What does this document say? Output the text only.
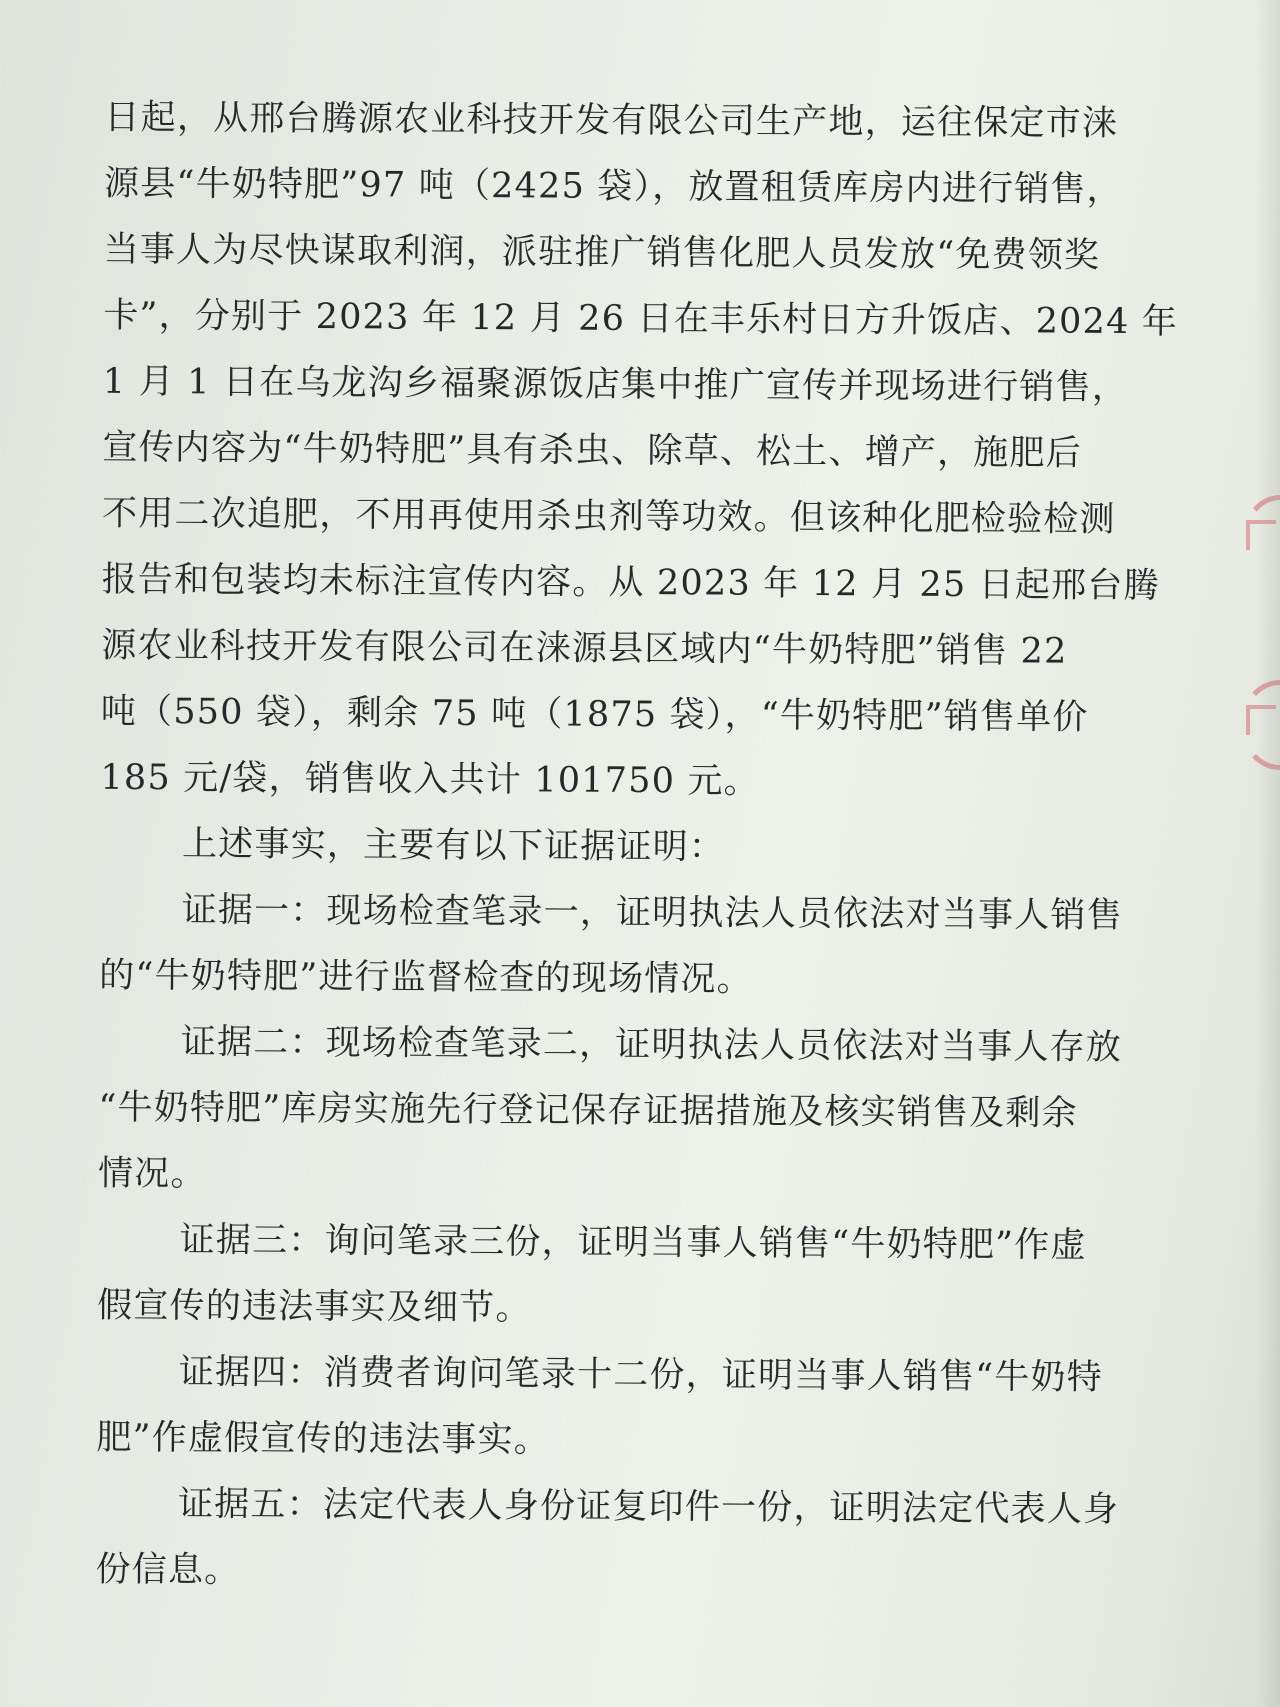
日起，从邢台腾源农业科技开发有限公司生产地，运往保定市涞
源县“牛奶特肥”97 吨（2425 袋），放置租赁库房内进行销售，
当事人为尽快谋取利润，派驻推广销售化肥人员发放“免费领奖
卡”，分别于 2023 年 12 月 26 日在丰乐村日方升饭店、2024 年
1 月 1 日在乌龙沟乡福聚源饭店集中推广宣传并现场进行销售，
宣传内容为“牛奶特肥”具有杀虫、除草、松土、增产，施肥后
不用二次追肥，不用再使用杀虫剂等功效。但该种化肥检验检测
报告和包装均未标注宣传内容。从 2023 年 12 月 25 日起邢台腾
源农业科技开发有限公司在涞源县区域内“牛奶特肥”销售 22
吨（550 袋），剩余 75 吨（1875 袋），“牛奶特肥”销售单价
185 元/袋，销售收入共计 101750 元。
上述事实，主要有以下证据证明：
证据一：现场检查笔录一，证明执法人员依法对当事人销售
的“牛奶特肥”进行监督检查的现场情况。
证据二：现场检查笔录二，证明执法人员依法对当事人存放
“牛奶特肥”库房实施先行登记保存证据措施及核实销售及剩余
情况。
证据三：询问笔录三份，证明当事人销售“牛奶特肥”作虚
假宣传的违法事实及细节。
证据四：消费者询问笔录十二份，证明当事人销售“牛奶特
肥”作虚假宣传的违法事实。
证据五：法定代表人身份证复印件一份，证明法定代表人身
份信息。
